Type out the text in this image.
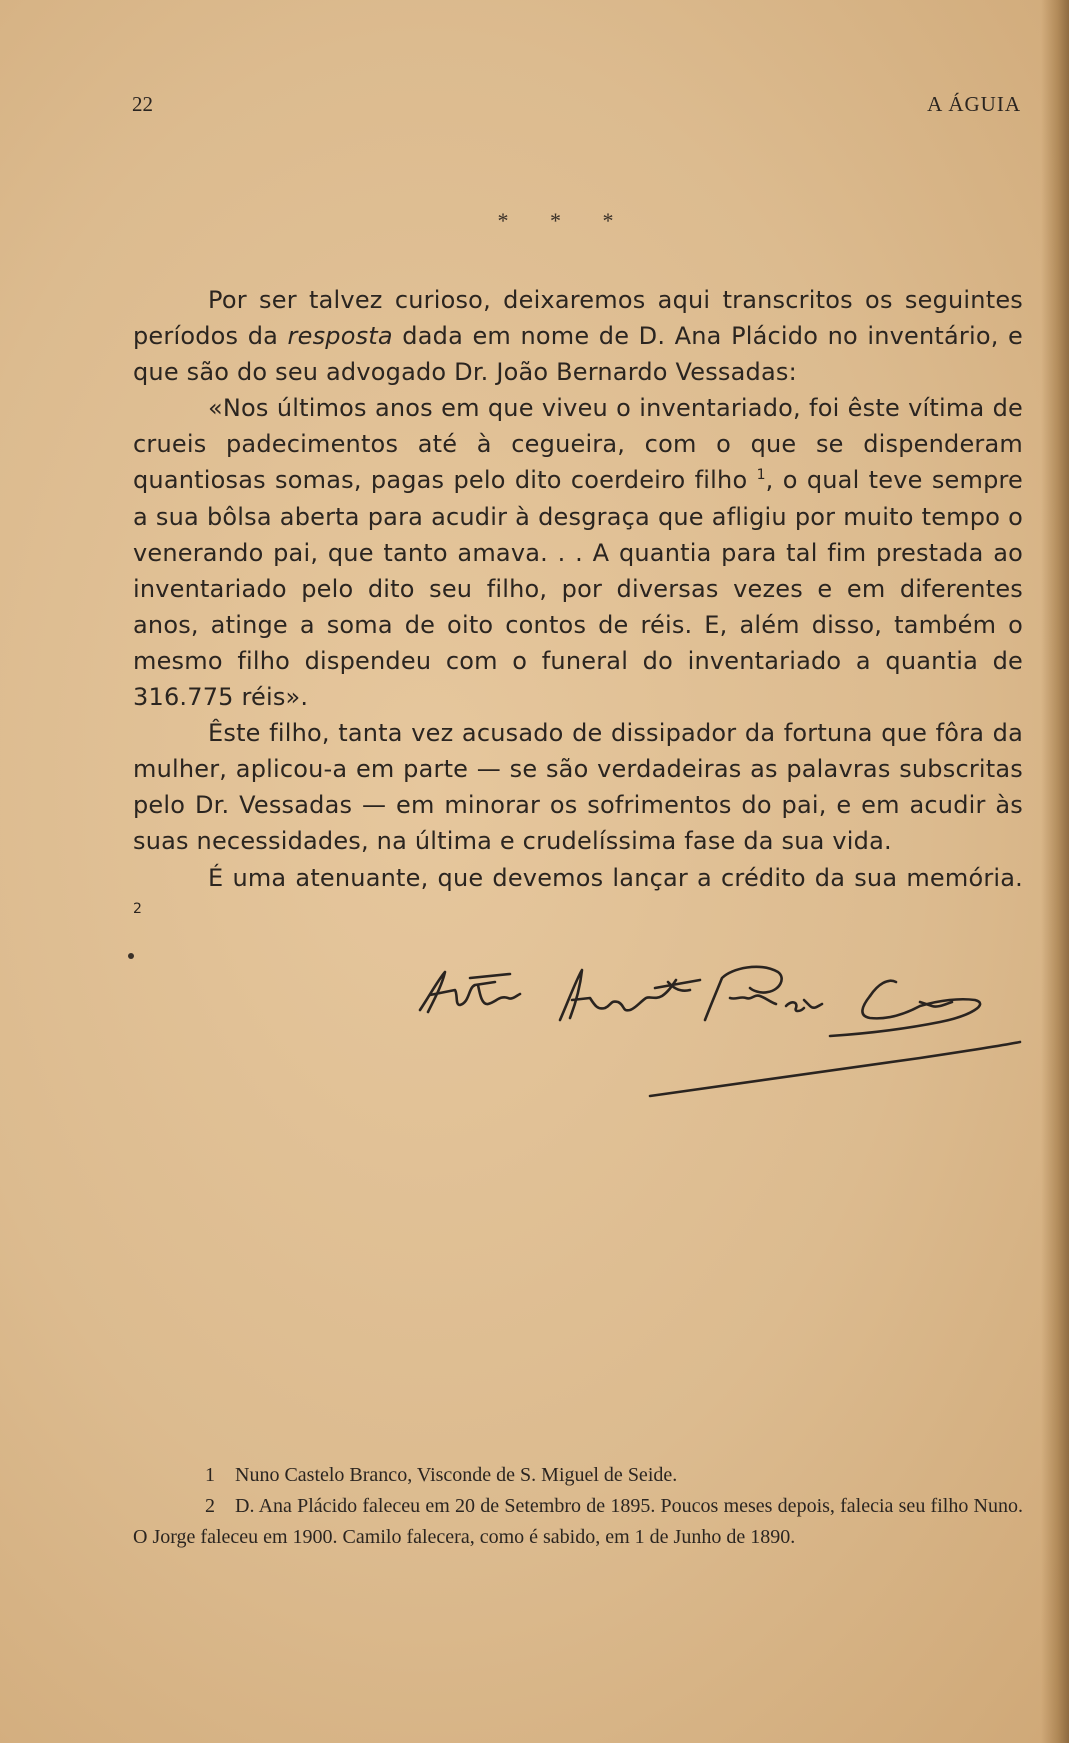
22	A ÁGUIA
* * *

Por ser talvez curioso, deixaremos aqui transcritos os seguintes períodos da resposta dada em nome de D. Ana Plácido no inventário, e que são do seu advogado Dr. João Bernardo Vessadas:

«Nos últimos anos em que viveu o inventariado, foi êste vítima de crueis padecimentos até à cegueira, com o que se dispenderam quantiosas somas, pagas pelo dito coerdeiro filho $^1$, o qual teve sempre a sua bôlsa aberta para acudir à desgraça que afligiu por muito tempo o venerando pai, que tanto amava. . . A quantia para tal fim prestada ao inventariado pelo dito seu filho, por diversas vezes e em diferentes anos, atinge a soma de oito contos de réis. E, além disso, também o mesmo filho dispendeu com o funeral do inventariado a quantia de 316.775 réis».

Êste filho, tanta vez acusado de dissipador da fortuna que fôra da mulher, aplicou-a em parte — se são verdadeiras as palavras subscritas pelo Dr. Vessadas — em minorar os sofrimentos do pai, e em acudir às suas necessidades, na última e crudelíssima fase da sua vida.

É uma atenuante, que devemos lançar a crédito da sua memória. $^2$

1 Nuno Castelo Branco, Visconde de S. Miguel de Seide.

2 D. Ana Plácido faleceu em 20 de Setembro de 1895. Poucos meses depois, falecia seu filho Nuno. O Jorge faleceu em 1900. Camilo falecera, como é sabido, em 1 de Junho de 1890.
